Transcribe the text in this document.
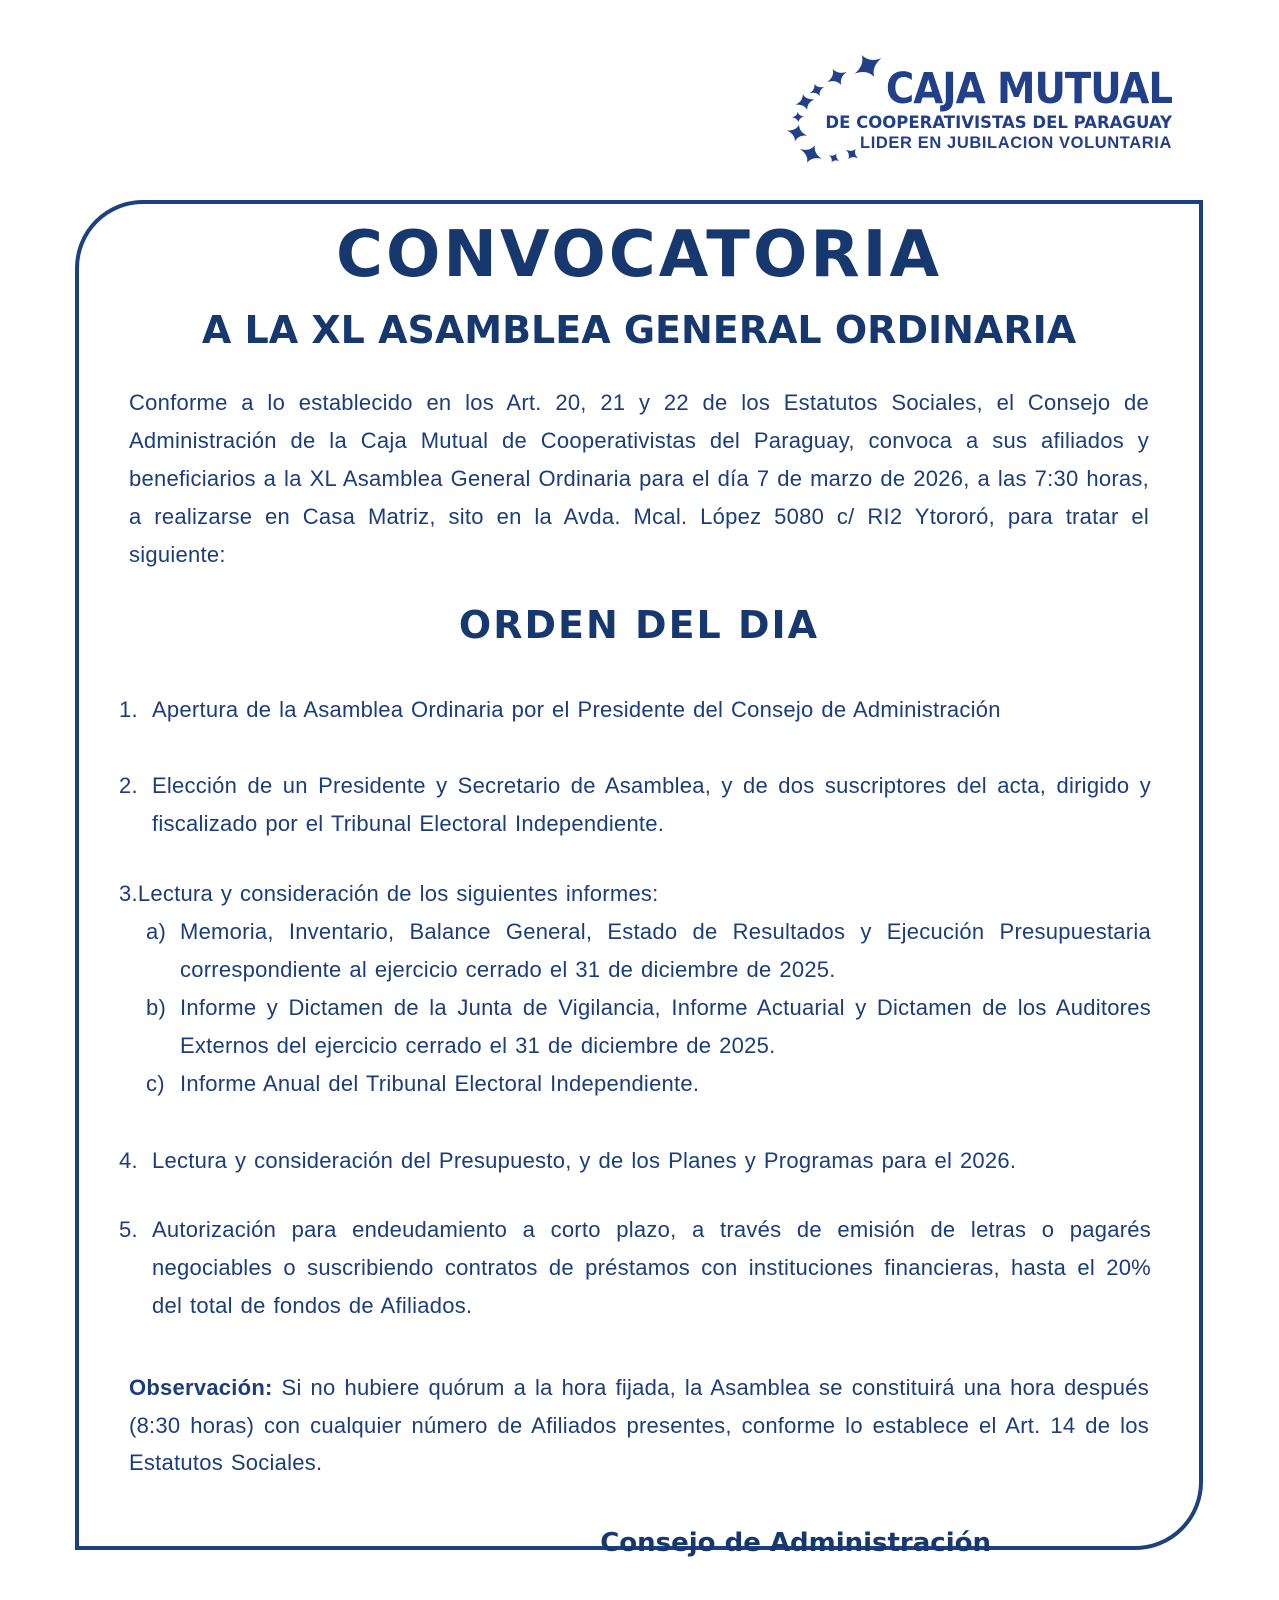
CAJA MUTUAL
DE COOPERATIVISTAS DEL PARAGUAY
LIDER EN JUBILACION VOLUNTARIA
CONVOCATORIA
A LA XL ASAMBLEA GENERAL ORDINARIA

Conforme a lo establecido en los Art. 20, 21 y 22 de los Estatutos Sociales, el Consejo de Administración de la Caja Mutual de Cooperativistas del Paraguay, convoca a sus afiliados y beneficiarios a la XL Asamblea General Ordinaria para el día 7 de marzo de 2026, a las 7:30 horas, a realizarse en Casa Matriz, sito en la Avda. Mcal. López 5080 c/ RI2 Ytororó, para tratar el siguiente:

ORDEN DEL DIA
1. Apertura de la Asamblea Ordinaria por el Presidente del Consejo de Administración
2. Elección de un Presidente y Secretario de Asamblea, y de dos suscriptores del acta, dirigido y fiscalizado por el Tribunal Electoral Independiente.
3. Lectura y consideración de los siguientes informes:
a) Memoria, Inventario, Balance General, Estado de Resultados y Ejecución Presupuestaria correspondiente al ejercicio cerrado el 31 de diciembre de 2025.
b) Informe y Dictamen de la Junta de Vigilancia, Informe Actuarial y Dictamen de los Auditores Externos del ejercicio cerrado el 31 de diciembre de 2025.
c) Informe Anual del Tribunal Electoral Independiente.
4. Lectura y consideración del Presupuesto, y de los Planes y Programas para el 2026.
5. Autorización para endeudamiento a corto plazo, a través de emisión de letras o pagarés negociables o suscribiendo contratos de préstamos con instituciones financieras, hasta el 20% del total de fondos de Afiliados.

Observación: Si no hubiere quórum a la hora fijada, la Asamblea se constituirá una hora después (8:30 horas) con cualquier número de Afiliados presentes, conforme lo establece el Art. 14 de los Estatutos Sociales.

Consejo de Administración
